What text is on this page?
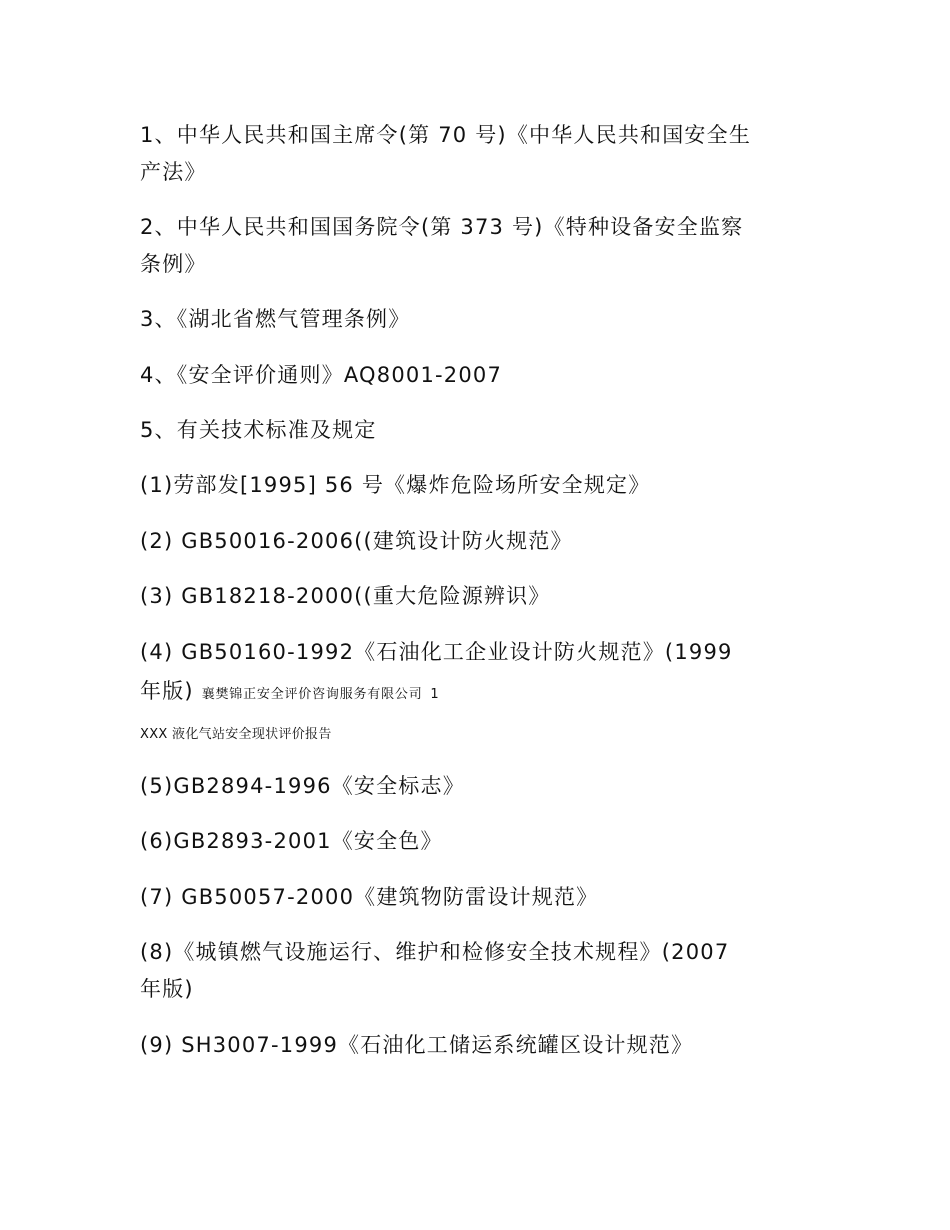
1、中华人民共和国主席令(第 70 号)《中华人民共和国安全生

产法》

2、中华人民共和国国务院令(第 373 号)《特种设备安全监察

条例》

3、《湖北省燃气管理条例》

4、《安全评价通则》AQ8001-2007

5、有关技术标准及规定

(1)劳部发[1995] 56 号《爆炸危险场所安全规定》

(2) GB50016-2006((建筑设计防火规范》

(3) GB18218-2000((重大危险源辨识》

(4) GB50160-1992《石油化工企业设计防火规范》(1999

年版) 襄樊锦正安全评价咨询服务有限公司 1

XXX 液化气站安全现状评价报告

(5)GB2894-1996《安全标志》

(6)GB2893-2001《安全色》

(7) GB50057-2000《建筑物防雷设计规范》

(8)《城镇燃气设施运行、维护和检修安全技术规程》(2007

年版)

(9) SH3007-1999《石油化工储运系统罐区设计规范》
